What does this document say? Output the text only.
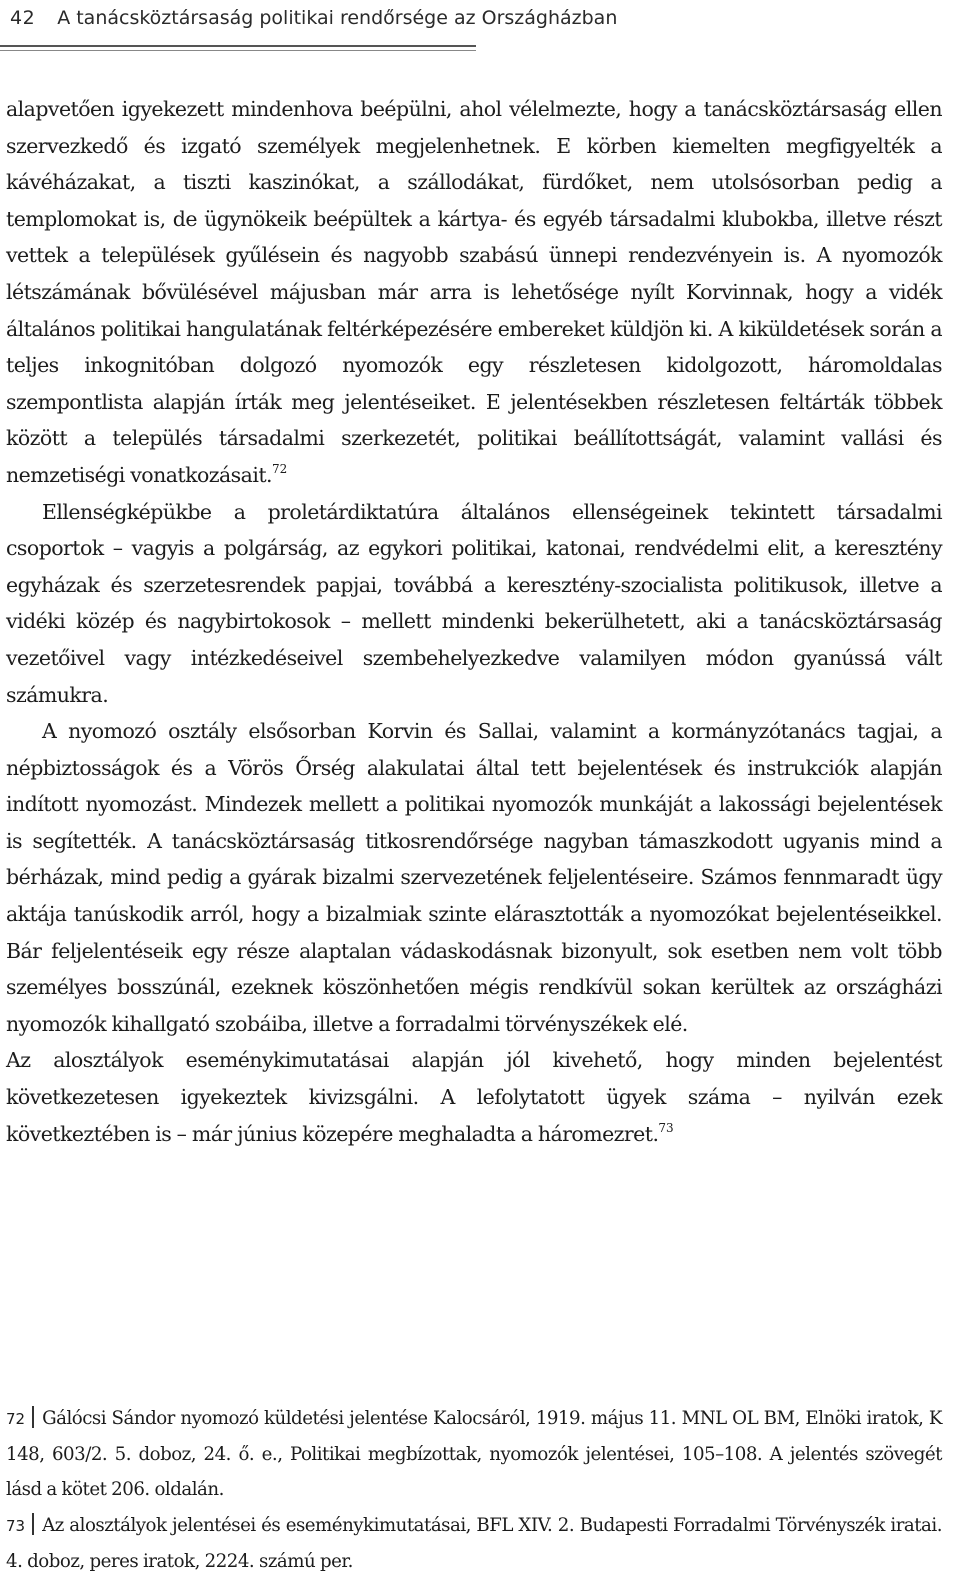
42 A tanácsköztársaság politikai rendőrsége az Országházban

alapvetően igyekezett mindenhova beépülni, ahol vélelmezte, hogy a tanácsköztársaság ellen szervezkedő és izgató személyek megjelenhetnek. E körben kiemelten megfigyelték a kávéházakat, a tiszti kaszinókat, a szállodákat, fürdőket, nem utolsósorban pedig a templomokat is, de ügynökeik beépültek a kártya- és egyéb társadalmi klubokba, illetve részt vettek a települések gyűlésein és nagyobb szabású ünnepi rendezvényein is. A nyomozók létszámának bővülésével májusban már arra is lehetősége nyílt Korvinnak, hogy a vidék általános politikai hangulatának feltérképezésére embereket küldjön ki. A kiküldetések során a teljes inkognitóban dolgozó nyomozók egy részletesen kidolgozott, háromoldalas szempontlista alapján írták meg jelentéseiket. E jelentésekben részletesen feltárták többek között a település társadalmi szerkezetét, politikai beállítottságát, valamint vallási és nemzetiségi vonatkozásait.$^{72}$

Ellenségképükbe a proletárdiktatúra általános ellenségeinek tekintett társadalmi csoportok – vagyis a polgárság, az egykori politikai, katonai, rendvédelmi elit, a keresztény egyházak és szerzetesrendek papjai, továbbá a keresztény-szocialista politikusok, illetve a vidéki közép és nagybirtokosok – mellett mindenki bekerülhetett, aki a tanácsköztársaság vezetőivel vagy intézkedéseivel szembehelyezkedve valamilyen módon gyanússá vált számukra.

A nyomozó osztály elsősorban Korvin és Sallai, valamint a kormányzótanács tagjai, a népbiztosságok és a Vörös Őrség alakulatai által tett bejelentések és instrukciók alapján indított nyomozást. Mindezek mellett a politikai nyomozók munkáját a lakossági bejelentések is segítették. A tanácsköztársaság titkosrendőrsége nagyban támaszkodott ugyanis mind a bérházak, mind pedig a gyárak bizalmi szervezetének feljelentéseire. Számos fennmaradt ügy aktája tanúskodik arról, hogy a bizalmiak szinte elárasztották a nyomozókat bejelentéseikkel. Bár feljelentéseik egy része alaptalan vádaskodásnak bizonyult, sok esetben nem volt több személyes bosszúnál, ezeknek köszönhetően mégis rendkívül sokan kerültek az országházi nyomozók kihallgató szobáiba, illetve a forradalmi törvényszékek elé.

Az alosztályok eseménykimutatásai alapján jól kivehető, hogy minden bejelentést következetesen igyekeztek kivizsgálni. A lefolytatott ügyek száma – nyilván ezek következtében is – már június közepére meghaladta a háromezret.$^{73}$

72 Gálócsi Sándor nyomozó küldetési jelentése Kalocsáról, 1919. május 11. MNL OL BM, Elnöki iratok, K 148, 603/2. 5. doboz, 24. ő. e., Politikai megbízottak, nyomozók jelentései, 105–108. A jelentés szövegét lásd a kötet 206. oldalán.

73 Az alosztályok jelentései és eseménykimutatásai, BFL XIV. 2. Budapesti Forradalmi Törvényszék iratai. 4. doboz, peres iratok, 2224. számú per.
